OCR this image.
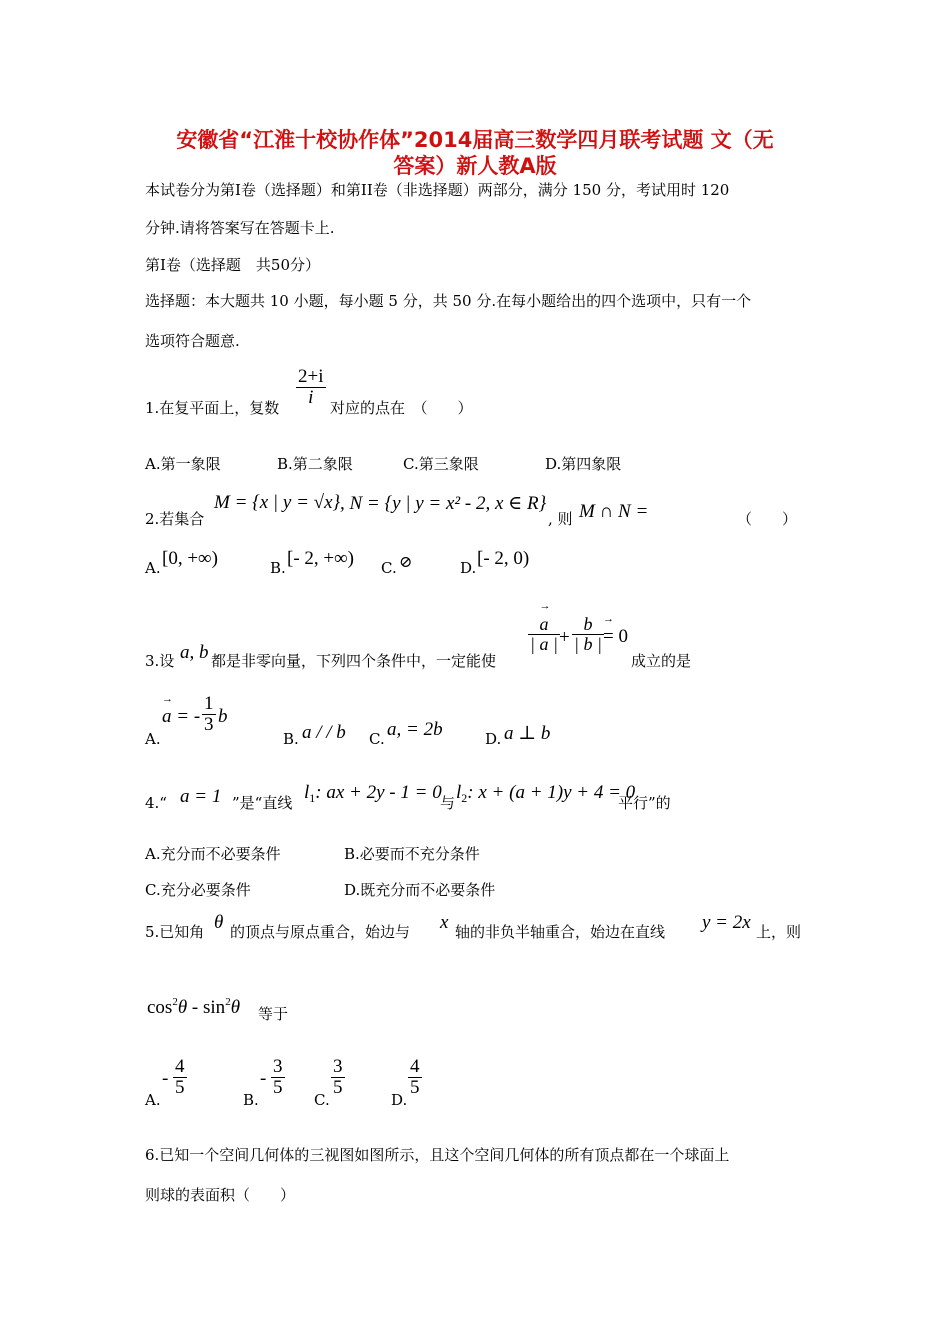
安徽省“江淮十校协作体”2014届高三数学四月联考试题 文（无
答案）新人教A版
本试卷分为第Ⅰ卷（选择题）和第ⅠⅠ卷（非选择题）两部分，满分 150 分，考试用时 120
分钟.请将答案写在答题卡上.
第Ⅰ卷（选择题　共50分）
选择题：本大题共 10 小题，每小题 5 分，共 50 分.在每小题给出的四个选项中，只有一个
选项符合题意.
1.在复平面上，复数
$\frac{2+i}{i}$
对应的点在　（　　）
A.第一象限	B.第二象限	C.第三象限	D.第四象限
2.若集合
M = {x | y = √x} , N = {y | y = x² - 2, x ∈ R}
, 则 M ∩ N =	（　　）
A. [0, +∞)	B. [- 2, +∞) C. ⊘	D. [- 2, 0)
3.设 a, b 都是非零向量，下列四个条件中，一定能使
→ $\frac{a}{| a |} + \frac{b}{| b |}$
→ = 0
成立的是
A.
→ a = - $\frac{1}{3}$ b
B. a / / b C. a, = 2b	D. a ⊥ b
4.“ a = 1 ”是“直线 $l_1$: ax + 2y - 1 = 0
与 $l_2$: x + (a + 1)y + 4 = 0
平行”的
A.充分而不必要条件	B.必要而不充分条件
C.充分必要条件	D.既充分而不必要条件
5.已知角 θ 的顶点与原点重合，始边与 x 轴的非负半轴重合，始边在直线 y = 2x 上，则
$\cos^2\theta - \sin^2\theta$ 等于
A.
- $\frac{4}{5}$
B.
- $\frac{3}{5}$
C.
$\frac{3}{5}$
D.
$\frac{4}{5}$
6.已知一个空间几何体的三视图如图所示，且这个空间几何体的所有顶点都在一个球面上
则球的表面积（　　）
